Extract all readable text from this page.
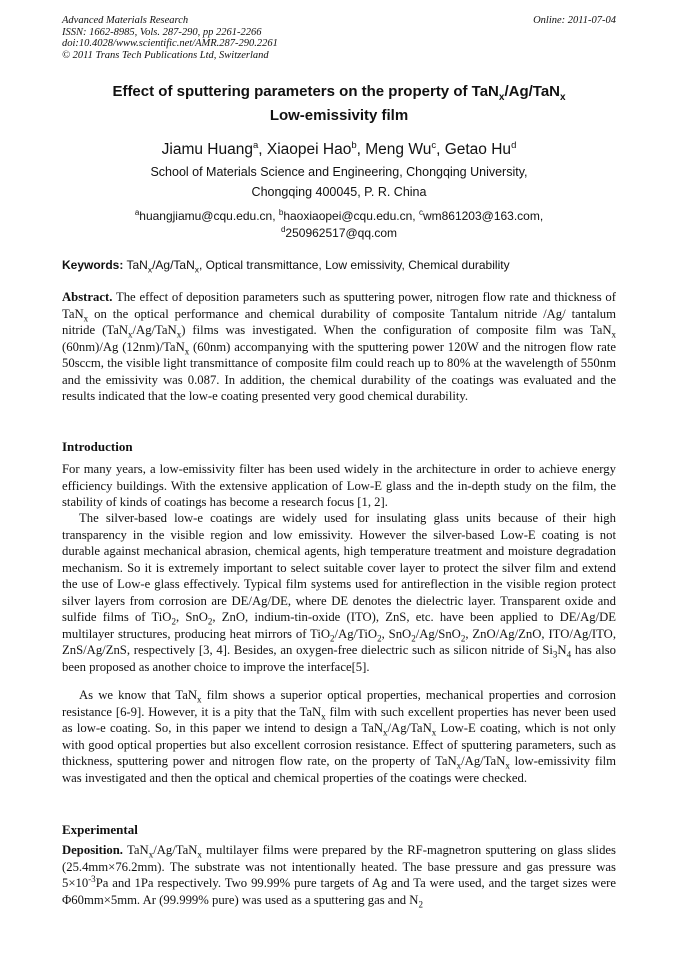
Advanced Materials Research
ISSN: 1662-8985, Vols. 287-290, pp 2261-2266
doi:10.4028/www.scientific.net/AMR.287-290.2261
© 2011 Trans Tech Publications Ltd, Switzerland
Online: 2011-07-04
Effect of sputtering parameters on the property of TaN$_x$/Ag/TaN$_x$
Low-emissivity film
Jiamu Huang$^a$, Xiaopei Hao$^b$, Meng Wu$^c$, Getao Hu$^d$
School of Materials Science and Engineering, Chongqing University,
Chongqing 400045, P. R. China
$^a$huangjiamu@cqu.edu.cn, $^b$haoxiaopei@cqu.edu.cn, $^c$wm861203@163.com,
$^d$250962517@qq.com
Keywords: TaN$_x$/Ag/TaN$_x$, Optical transmittance, Low emissivity, Chemical durability
Abstract. The effect of deposition parameters such as sputtering power, nitrogen flow rate and thickness of TaN$_x$ on the optical performance and chemical durability of composite Tantalum nitride /Ag/ tantalum nitride (TaN$_x$/Ag/TaN$_x$) films was investigated. When the configuration of composite film was TaN$_x$ (60nm)/Ag (12nm)/TaN$_x$ (60nm) accompanying with the sputtering power 120W and the nitrogen flow rate 50sccm, the visible light transmittance of composite film could reach up to 80% at the wavelength of 550nm and the emissivity was 0.087. In addition, the chemical durability of the coatings was evaluated and the results indicated that the low-e coating presented very good chemical durability.
Introduction
For many years, a low-emissivity filter has been used widely in the architecture in order to achieve energy efficiency buildings. With the extensive application of Low-E glass and the in-depth study on the film, the stability of kinds of coatings has become a research focus [1, 2].
The silver-based low-e coatings are widely used for insulating glass units because of their high transparency in the visible region and low emissivity. However the silver-based Low-E coating is not durable against mechanical abrasion, chemical agents, high temperature treatment and moisture degradation mechanism. So it is extremely important to select suitable cover layer to protect the silver film and extend the use of Low-e glass effectively. Typical film systems used for antireflection in the visible region protect silver layers from corrosion are DE/Ag/DE, where DE denotes the dielectric layer. Transparent oxide and sulfide films of TiO$_2$, SnO$_2$, ZnO, indium-tin-oxide (ITO), ZnS, etc. have been applied to DE/Ag/DE multilayer structures, producing heat mirrors of TiO$_2$/Ag/TiO$_2$, SnO$_2$/Ag/SnO$_2$, ZnO/Ag/ZnO, ITO/Ag/ITO, ZnS/Ag/ZnS, respectively [3, 4]. Besides, an oxygen-free dielectric such as silicon nitride of $Si_3N_4$ has also been proposed as another choice to improve the interface[5].
As we know that TaN$_x$ film shows a superior optical properties, mechanical properties and corrosion resistance [6-9]. However, it is a pity that the TaN$_x$ film with such excellent properties has never been used as low-e coating. So, in this paper we intend to design a TaN$_x$/Ag/TaN$_x$ Low-E coating, which is not only with good optical properties but also excellent corrosion resistance. Effect of sputtering parameters, such as thickness, sputtering power and nitrogen flow rate, on the property of TaN$_x$/Ag/TaN$_x$ low-emissivity film was investigated and then the optical and chemical properties of the coatings were checked.
Experimental
Deposition. TaN$_x$/Ag/TaN$_x$ multilayer films were prepared by the RF-magnetron sputtering on glass slides (25.4mm×76.2mm). The substrate was not intentionally heated. The base pressure and gas pressure was $5\times 10^{-3}Pa$ and 1Pa respectively. Two 99.99% pure targets of Ag and Ta were used, and the target sizes were Φ60mm×5mm. Ar (99.999% pure) was used as a sputtering gas and $N_2$
